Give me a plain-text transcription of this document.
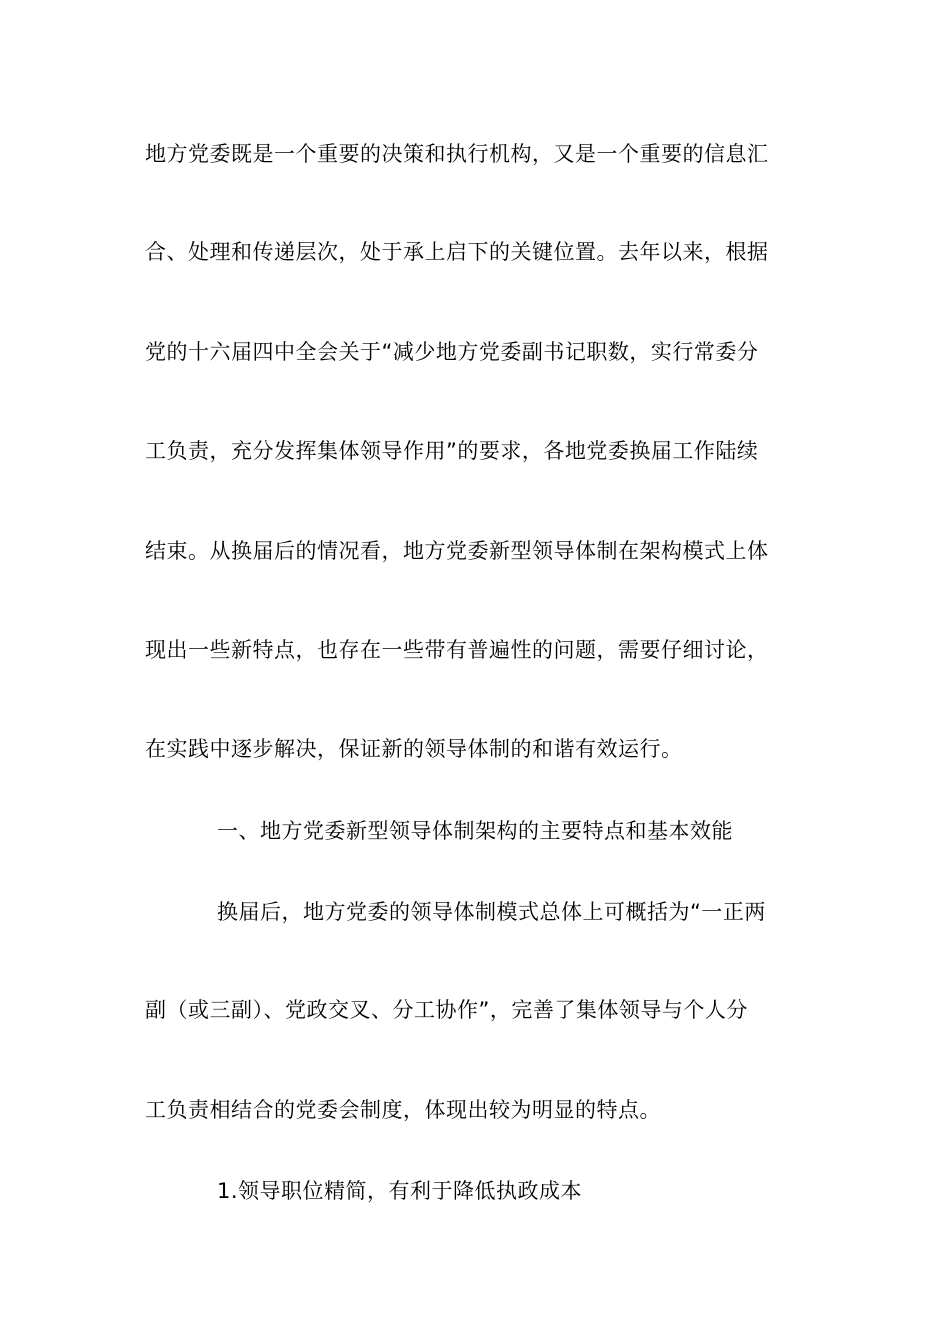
地方党委既是一个重要的决策和执行机构，又是一个重要的信息汇
合、处理和传递层次，处于承上启下的关键位置。去年以来，根据
党的十六届四中全会关于“减少地方党委副书记职数，实行常委分
工负责，充分发挥集体领导作用”的要求，各地党委换届工作陆续
结束。从换届后的情况看，地方党委新型领导体制在架构模式上体
现出一些新特点，也存在一些带有普遍性的问题，需要仔细讨论，
在实践中逐步解决，保证新的领导体制的和谐有效运行。
一、地方党委新型领导体制架构的主要特点和基本效能
换届后，地方党委的领导体制模式总体上可概括为“一正两
副（或三副）、党政交叉、分工协作”，完善了集体领导与个人分
工负责相结合的党委会制度，体现出较为明显的特点。
1.领导职位精简，有利于降低执政成本
